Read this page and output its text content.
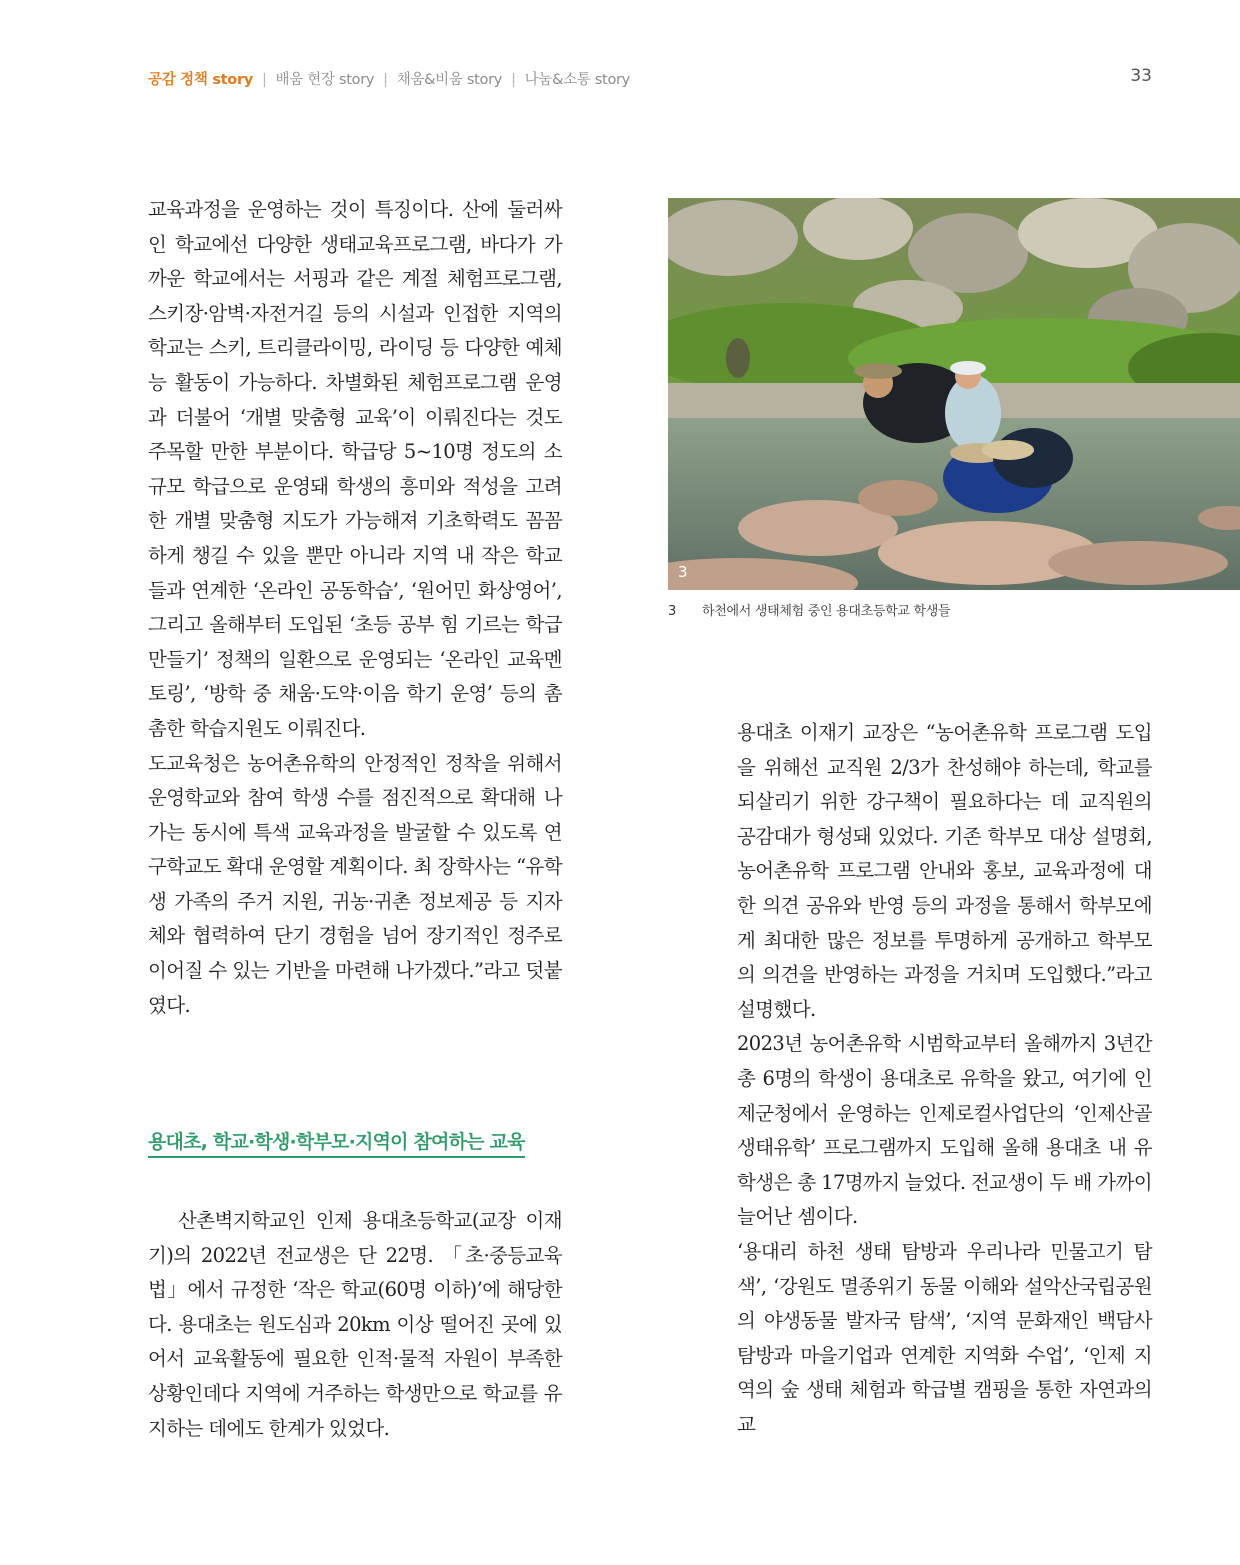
공감 정책 story | 배움 현장 story | 채움&비움 story | 나눔&소통 story	33

교육과정을 운영하는 것이 특징이다. 산에 둘러싸인 학교에선 다양한 생태교육프로그램, 바다가 가까운 학교에서는 서핑과 같은 계절 체험프로그램, 스키장·암벽·자전거길 등의 시설과 인접한 지역의 학교는 스키, 트리클라이밍, 라이딩 등 다양한 예체능 활동이 가능하다. 차별화된 체험프로그램 운영과 더불어 ‘개별 맞춤형 교육’이 이뤄진다는 것도 주목할 만한 부분이다. 학급당 5~10명 정도의 소규모 학급으로 운영돼 학생의 흥미와 적성을 고려한 개별 맞춤형 지도가 가능해져 기초학력도 꼼꼼하게 챙길 수 있을 뿐만 아니라 지역 내 작은 학교들과 연계한 ‘온라인 공동학습’, ‘원어민 화상영어’, 그리고 올해부터 도입된 ‘초등 공부 힘 기르는 학급 만들기’ 정책의 일환으로 운영되는 ‘온라인 교육멘토링’, ‘방학 중 채움·도약·이음 학기 운영’ 등의 촘촘한 학습지원도 이뤄진다.

도교육청은 농어촌유학의 안정적인 정착을 위해서 운영학교와 참여 학생 수를 점진적으로 확대해 나가는 동시에 특색 교육과정을 발굴할 수 있도록 연구학교도 확대 운영할 계획이다. 최 장학사는 “유학생 가족의 주거 지원, 귀농·귀촌 정보제공 등 지자체와 협력하여 단기 경험을 넘어 장기적인 정주로 이어질 수 있는 기반을 마련해 나가겠다.”라고 덧붙였다.

용대초, 학교·학생·학부모·지역이 참여하는 교육

산촌벽지학교인 인제 용대초등학교(교장 이재기)의 2022년 전교생은 단 22명. 「초·중등교육법」에서 규정한 ‘작은 학교(60명 이하)’에 해당한다. 용대초는 원도심과 20km 이상 떨어진 곳에 있어서 교육활동에 필요한 인적·물적 자원이 부족한 상황인데다 지역에 거주하는 학생만으로 학교를 유지하는 데에도 한계가 있었다.

3
3 하천에서 생태체험 중인 용대초등학교 학생들

용대초 이재기 교장은 “농어촌유학 프로그램 도입을 위해선 교직원 2/3가 찬성해야 하는데, 학교를 되살리기 위한 강구책이 필요하다는 데 교직원의 공감대가 형성돼 있었다. 기존 학부모 대상 설명회, 농어촌유학 프로그램 안내와 홍보, 교육과정에 대한 의견 공유와 반영 등의 과정을 통해서 학부모에게 최대한 많은 정보를 투명하게 공개하고 학부모의 의견을 반영하는 과정을 거치며 도입했다.”라고 설명했다.

2023년 농어촌유학 시범학교부터 올해까지 3년간 총 6명의 학생이 용대초로 유학을 왔고, 여기에 인제군청에서 운영하는 인제로컬사업단의 ‘인제산골생태유학’ 프로그램까지 도입해 올해 용대초 내 유학생은 총 17명까지 늘었다. 전교생이 두 배 가까이 늘어난 셈이다.

‘용대리 하천 생태 탐방과 우리나라 민물고기 탐색’, ‘강원도 멸종위기 동물 이해와 설악산국립공원의 야생동물 발자국 탐색’, ‘지역 문화재인 백담사 탐방과 마을기업과 연계한 지역화 수업’, ‘인제 지역의 숲 생태 체험과 학급별 캠핑을 통한 자연과의 교
